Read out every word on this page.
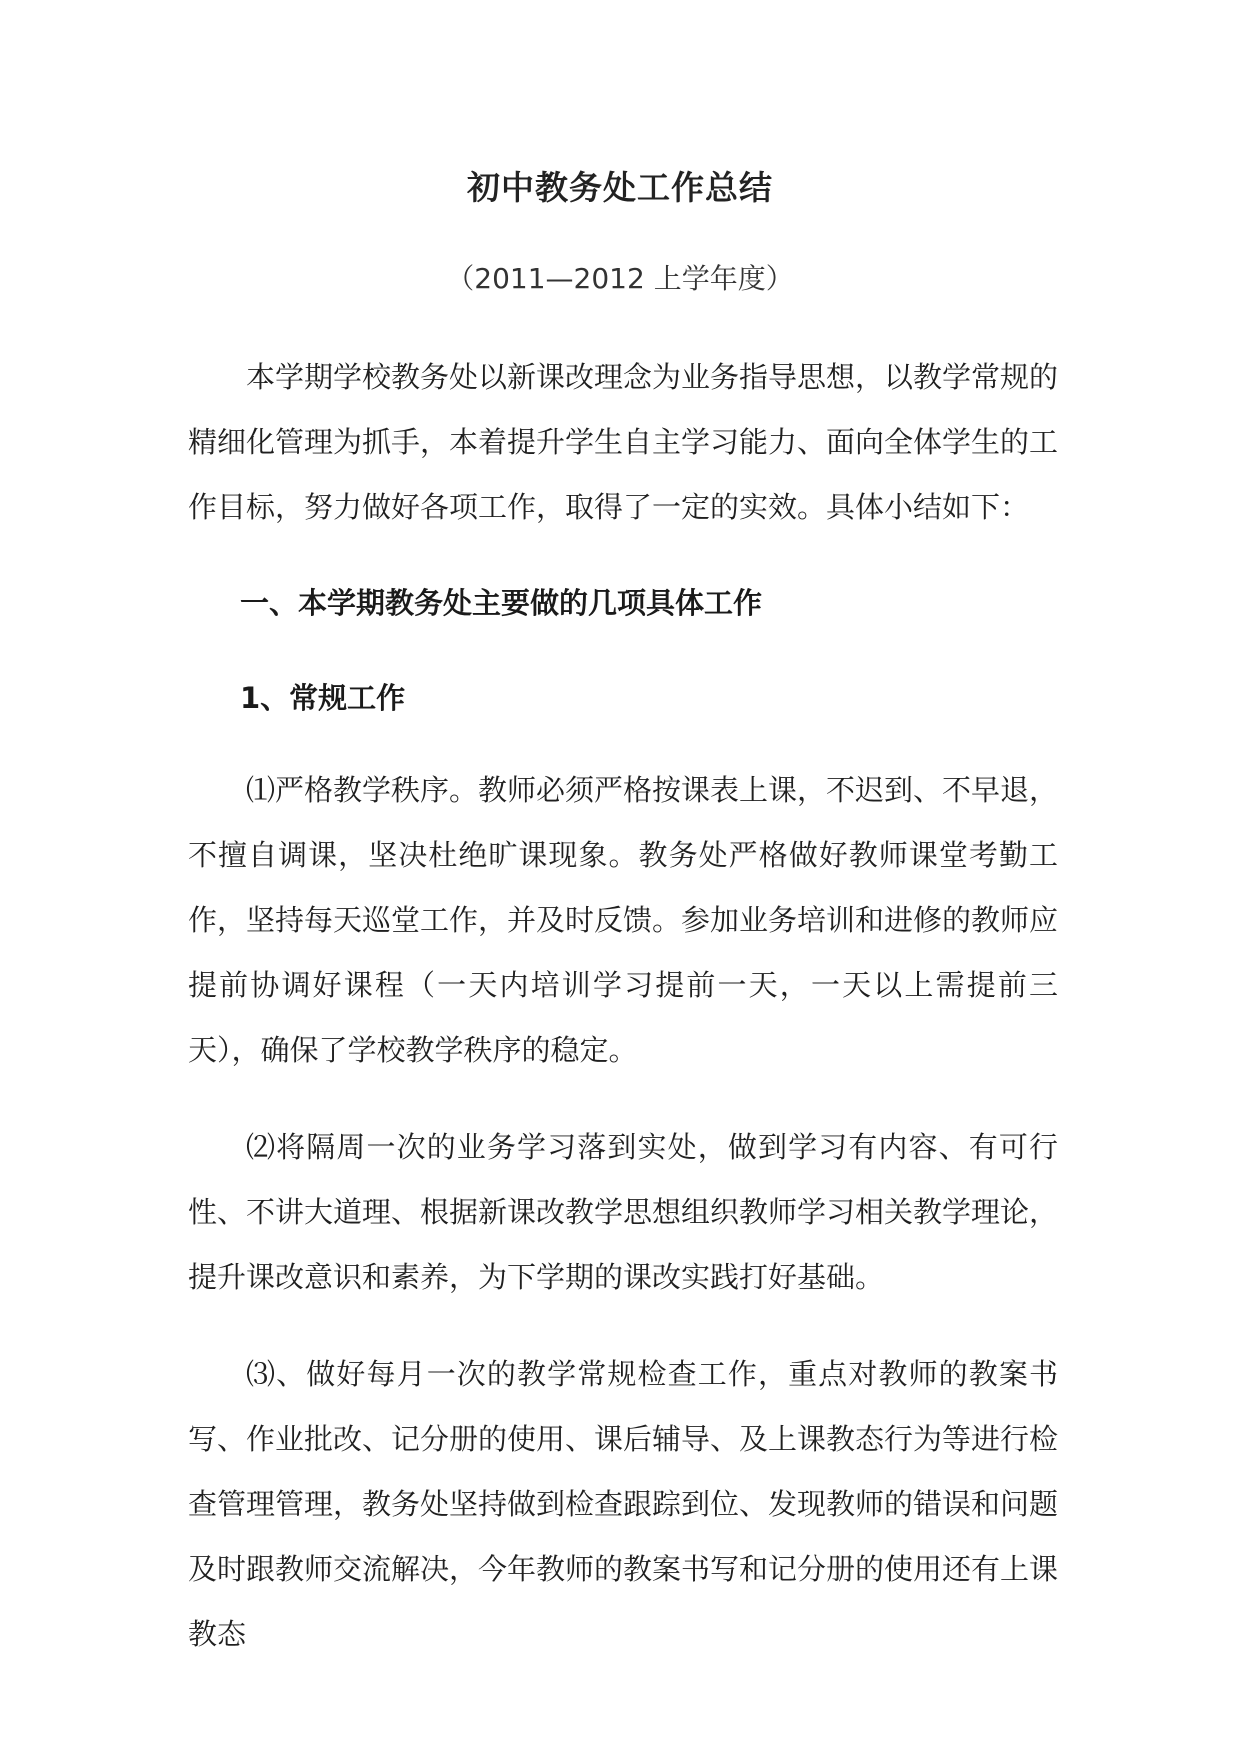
初中教务处工作总结

（2011—2012 上学年度）

本学期学校教务处以新课改理念为业务指导思想，以教学常规的精细化管理为抓手，本着提升学生自主学习能力、面向全体学生的工作目标，努力做好各项工作，取得了一定的实效。具体小结如下：

一、本学期教务处主要做的几项具体工作
1、常规工作

⑴严格教学秩序。教师必须严格按课表上课，不迟到、不早退，不擅自调课，坚决杜绝旷课现象。教务处严格做好教师课堂考勤工作，坚持每天巡堂工作，并及时反馈。参加业务培训和进修的教师应提前协调好课程（一天内培训学习提前一天，一天以上需提前三天），确保了学校教学秩序的稳定。

⑵将隔周一次的业务学习落到实处，做到学习有内容、有可行性、不讲大道理、根据新课改教学思想组织教师学习相关教学理论，提升课改意识和素养，为下学期的课改实践打好基础。

⑶、做好每月一次的教学常规检查工作，重点对教师的教案书写、作业批改、记分册的使用、课后辅导、及上课教态行为等进行检查管理管理，教务处坚持做到检查跟踪到位、发现教师的错误和问题及时跟教师交流解决，今年教师的教案书写和记分册的使用还有上课教态
